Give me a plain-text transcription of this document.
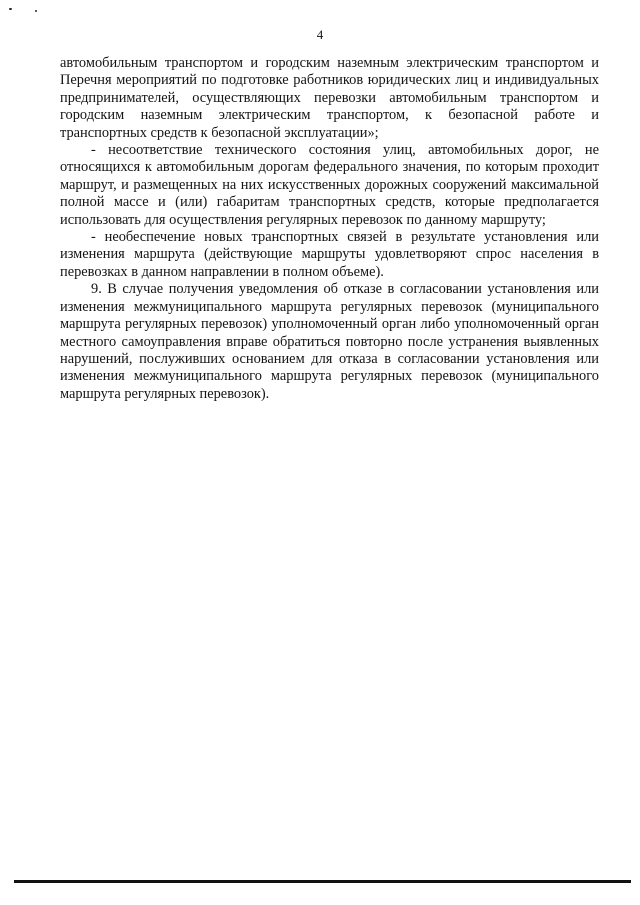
4

автомобильным транспортом и городским наземным электрическим транспортом и Перечня мероприятий по подготовке работников юридических лиц и индивидуальных предпринимателей, осуществляющих перевозки автомобильным транспортом и городским наземным электрическим транспортом, к безопасной работе и транспортных средств к безопасной эксплуатации»;

- несоответствие технического состояния улиц, автомобильных дорог, не относящихся к автомобильным дорогам федерального значения, по которым проходит маршрут, и размещенных на них искусственных дорожных сооружений максимальной полной массе и (или) габаритам транспортных средств, которые предполагается использовать для осуществления регулярных перевозок по данному маршруту;

- необеспечение новых транспортных связей в результате установления или изменения маршрута (действующие маршруты удовлетворяют спрос населения в перевозках в данном направлении в полном объеме).

9. В случае получения уведомления об отказе в согласовании установления или изменения межмуниципального маршрута регулярных перевозок (муниципального маршрута регулярных перевозок) уполномоченный орган либо уполномоченный орган местного самоуправления вправе обратиться повторно после устранения выявленных нарушений, послуживших основанием для отказа в согласовании установления или изменения межмуниципального маршрута регулярных перевозок (муниципального маршрута регулярных перевозок).
